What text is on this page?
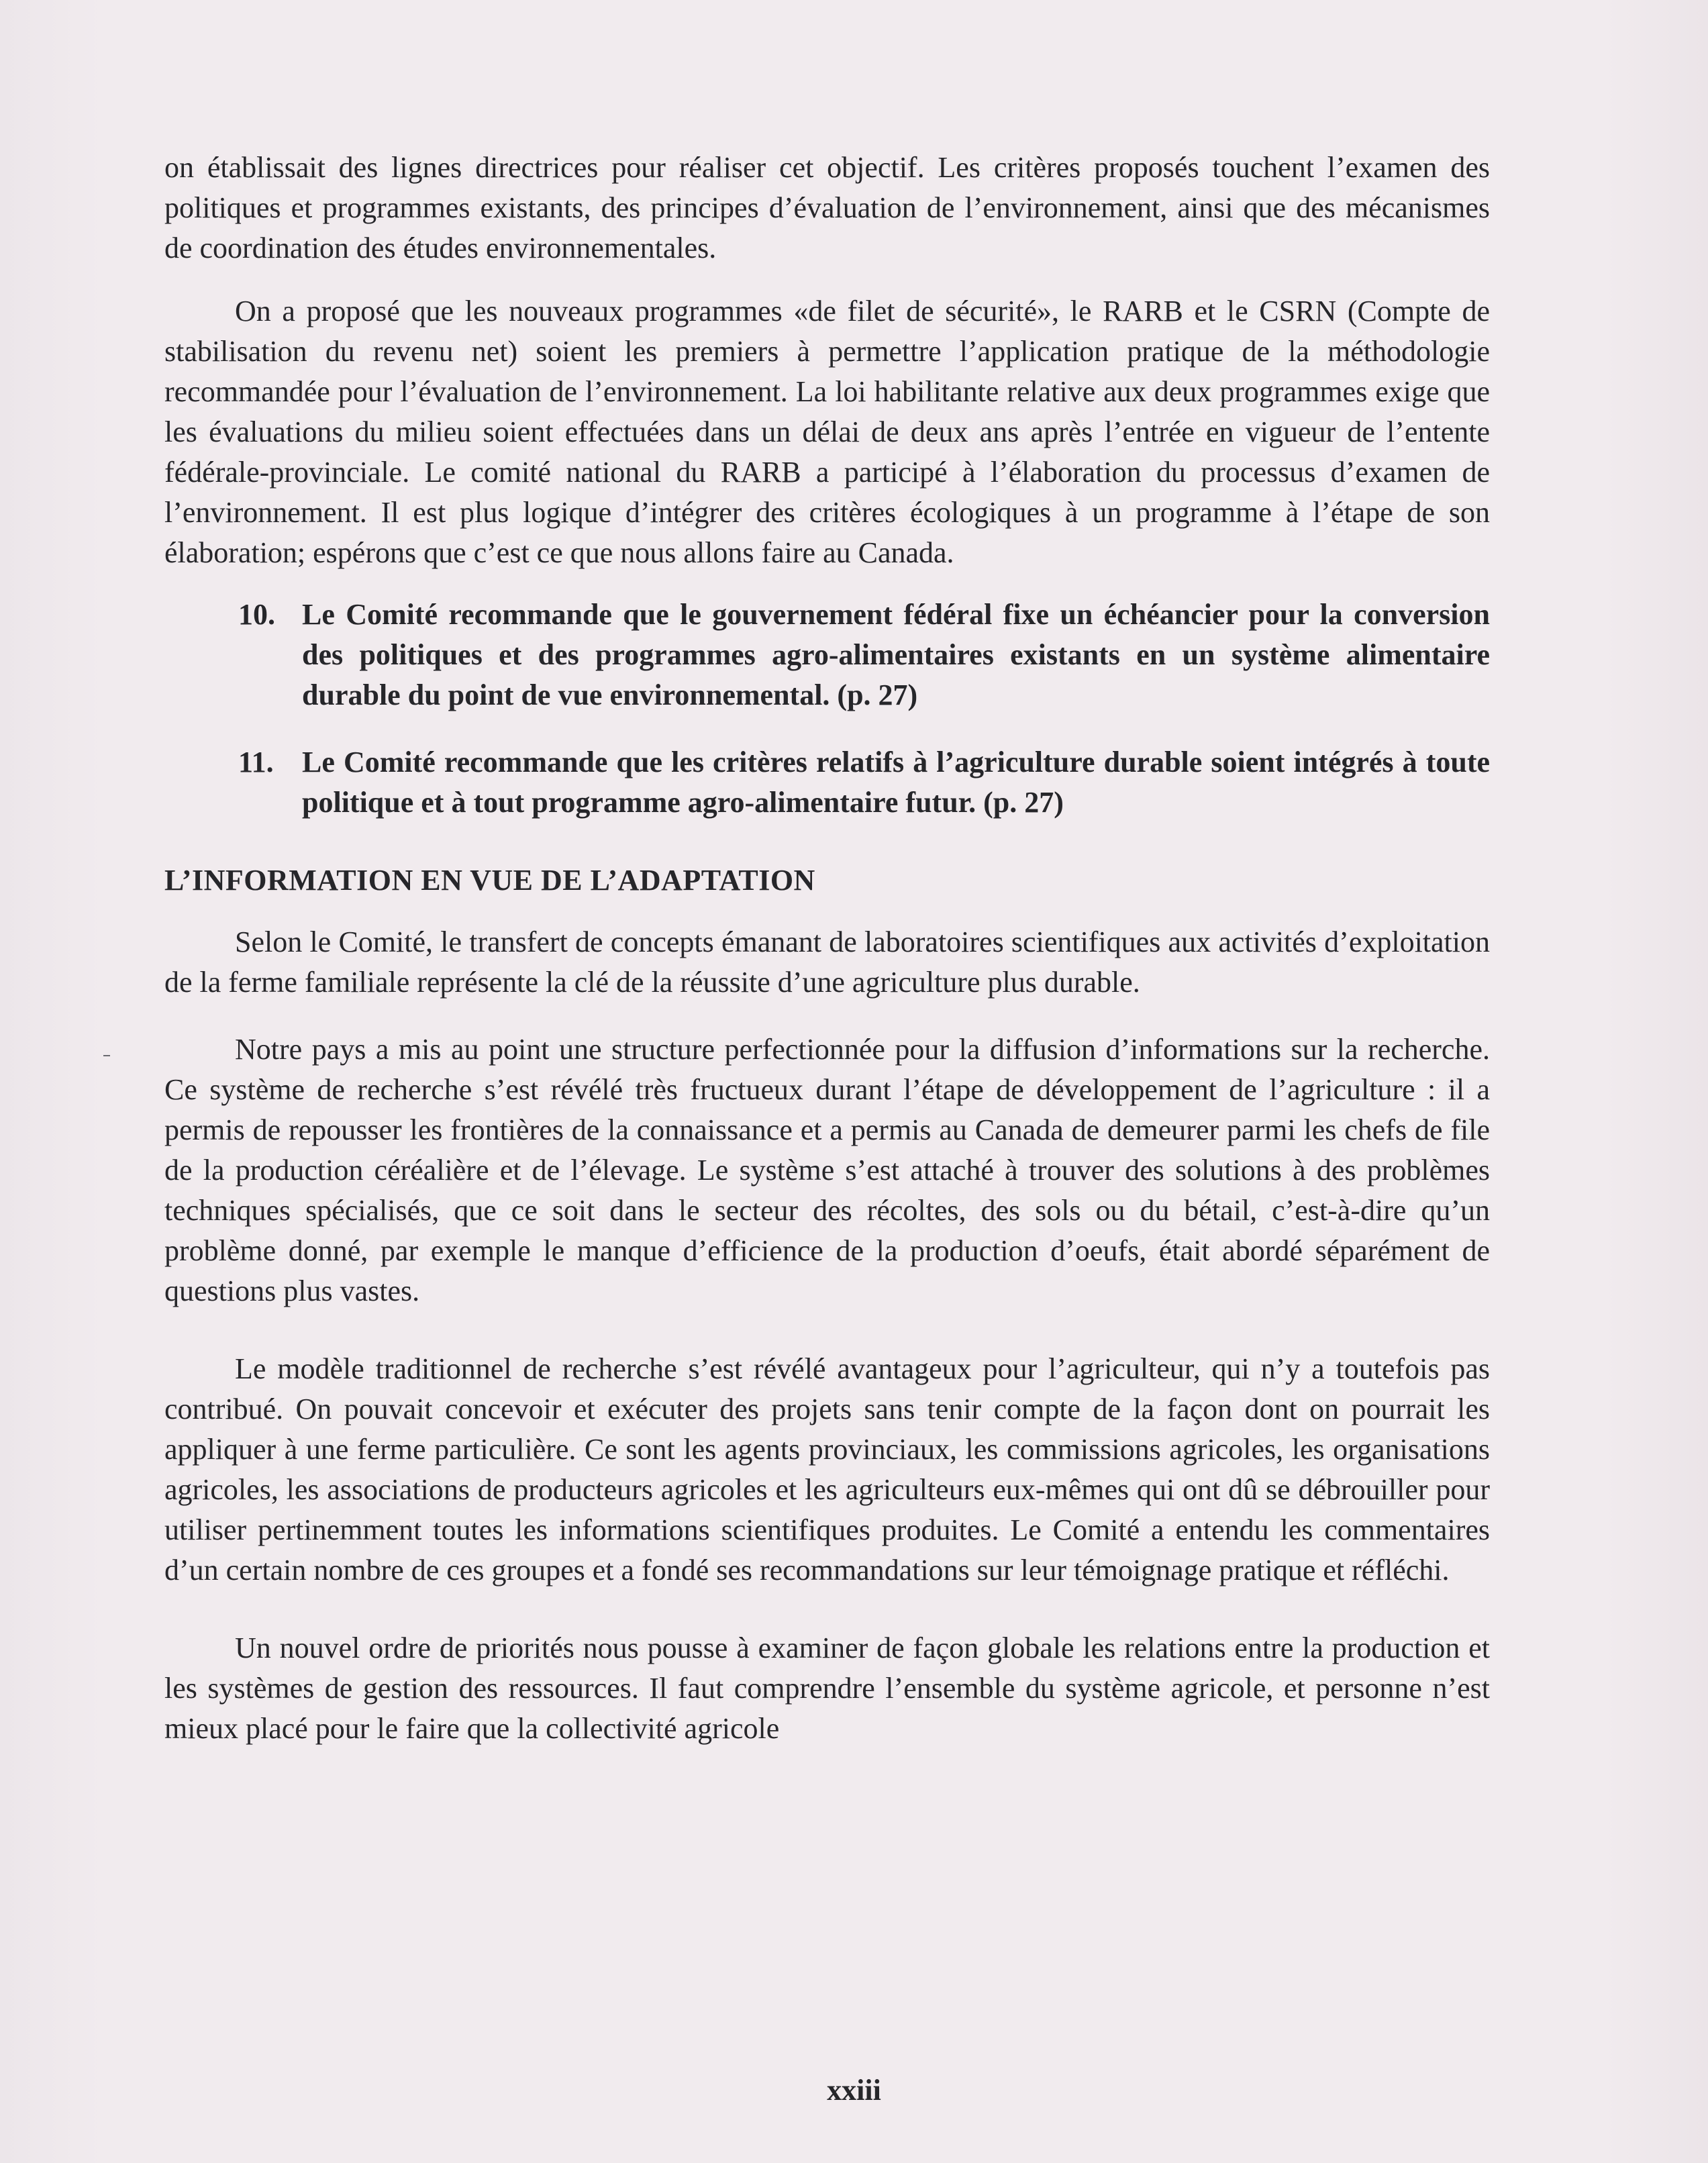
on établissait des lignes directrices pour réaliser cet objectif. Les critères proposés touchent l’examen des politiques et programmes existants, des principes d’évaluation de l’environnement, ainsi que des mécanismes de coordination des études environnementales.

On a proposé que les nouveaux programmes «de filet de sécurité», le RARB et le CSRN (Compte de stabilisation du revenu net) soient les premiers à permettre l’application pratique de la méthodologie recommandée pour l’évaluation de l’environnement. La loi habilitante relative aux deux programmes exige que les évaluations du milieu soient effectuées dans un délai de deux ans après l’entrée en vigueur de l’entente fédérale-provinciale. Le comité national du RARB a participé à l’élaboration du processus d’examen de l’environnement. Il est plus logique d’intégrer des critères écologiques à un programme à l’étape de son élaboration; espérons que c’est ce que nous allons faire au Canada.

10. Le Comité recommande que le gouvernement fédéral fixe un échéancier pour la conversion des politiques et des programmes agro-alimentaires existants en un système alimentaire durable du point de vue environnemental. (p. 27)

11. Le Comité recommande que les critères relatifs à l’agriculture durable soient intégrés à toute politique et à tout programme agro-alimentaire futur. (p. 27)

L’INFORMATION EN VUE DE L’ADAPTATION

Selon le Comité, le transfert de concepts émanant de laboratoires scientifiques aux activités d’exploitation de la ferme familiale représente la clé de la réussite d’une agriculture plus durable.

Notre pays a mis au point une structure perfectionnée pour la diffusion d’informations sur la recherche. Ce système de recherche s’est révélé très fructueux durant l’étape de développement de l’agriculture : il a permis de repousser les frontières de la connaissance et a permis au Canada de demeurer parmi les chefs de file de la production céréalière et de l’élevage. Le système s’est attaché à trouver des solutions à des problèmes techniques spécialisés, que ce soit dans le secteur des récoltes, des sols ou du bétail, c’est-à-dire qu’un problème donné, par exemple le manque d’efficience de la production d’oeufs, était abordé séparément de questions plus vastes.

Le modèle traditionnel de recherche s’est révélé avantageux pour l’agriculteur, qui n’y a toutefois pas contribué. On pouvait concevoir et exécuter des projets sans tenir compte de la façon dont on pourrait les appliquer à une ferme particulière. Ce sont les agents provinciaux, les commissions agricoles, les organisations agricoles, les associations de producteurs agricoles et les agriculteurs eux-mêmes qui ont dû se débrouiller pour utiliser pertinemment toutes les informations scientifiques produites. Le Comité a entendu les commentaires d’un certain nombre de ces groupes et a fondé ses recommandations sur leur témoignage pratique et réfléchi.

Un nouvel ordre de priorités nous pousse à examiner de façon globale les relations entre la production et les systèmes de gestion des ressources. Il faut comprendre l’ensemble du système agricole, et personne n’est mieux placé pour le faire que la collectivité agricole

xxiii
